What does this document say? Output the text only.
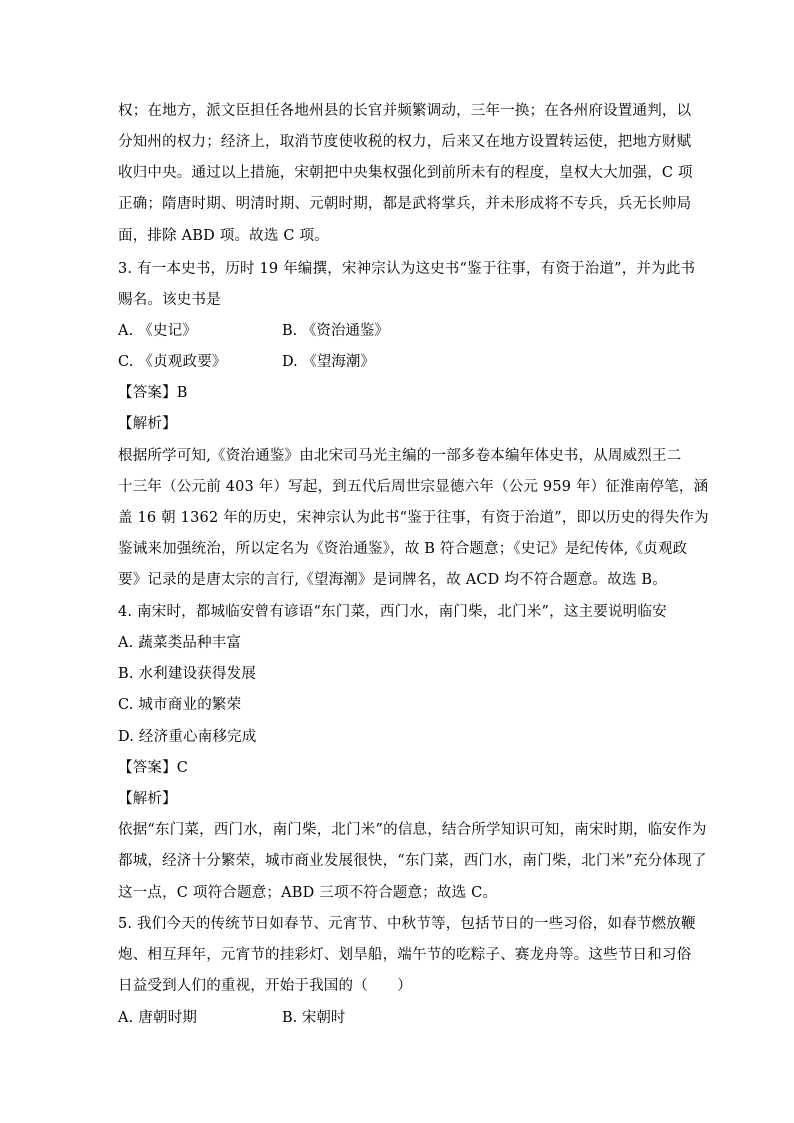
权；在地方，派文臣担任各地州县的长官并频繁调动，三年一换；在各州府设置通判，以
分知州的权力；经济上，取消节度使收税的权力，后来又在地方设置转运使，把地方财赋
收归中央。通过以上措施，宋朝把中央集权强化到前所未有的程度，皇权大大加强，C 项
正确；隋唐时期、明清时期、元朝时期，都是武将掌兵，并未形成将不专兵，兵无长帅局
面，排除 ABD 项。故选 C 项。
3. 有一本史书，历时 19 年编撰，宋神宗认为这史书“鉴于往事，有资于治道”，并为此书
赐名。该史书是
A. 《史记》	B. 《资治通鉴》
C. 《贞观政要》	D. 《望海潮》
【答案】B
【解析】
根据所学可知,《资治通鉴》由北宋司马光主编的一部多卷本编年体史书，从周威烈王二
十三年（公元前 403 年）写起，到五代后周世宗显德六年（公元 959 年）征淮南停笔，涵
盖 16 朝 1362 年的历史，宋神宗认为此书“鉴于往事，有资于治道”，即以历史的得失作为
鉴诫来加强统治，所以定名为《资治通鉴》，故 B 符合题意；《史记》是纪传体,《贞观政
要》记录的是唐太宗的言行,《望海潮》是词牌名，故 ACD 均不符合题意。故选 B。
4. 南宋时，都城临安曾有谚语“东门菜，西门水，南门柴，北门米”，这主要说明临安
A. 蔬菜类品种丰富
B. 水利建设获得发展
C. 城市商业的繁荣
D. 经济重心南移完成
【答案】C
【解析】
依据“东门菜，西门水，南门柴，北门米”的信息，结合所学知识可知，南宋时期，临安作为
都城，经济十分繁荣，城市商业发展很快，“东门菜，西门水，南门柴，北门米”充分体现了
这一点，C 项符合题意；ABD 三项不符合题意；故选 C。
5. 我们今天的传统节日如春节、元宵节、中秋节等，包括节日的一些习俗，如春节燃放鞭
炮、相互拜年，元宵节的挂彩灯、划旱船，端午节的吃粽子、赛龙舟等。这些节日和习俗
日益受到人们的重视，开始于我国的（　　）
A. 唐朝时期	B. 宋朝时
